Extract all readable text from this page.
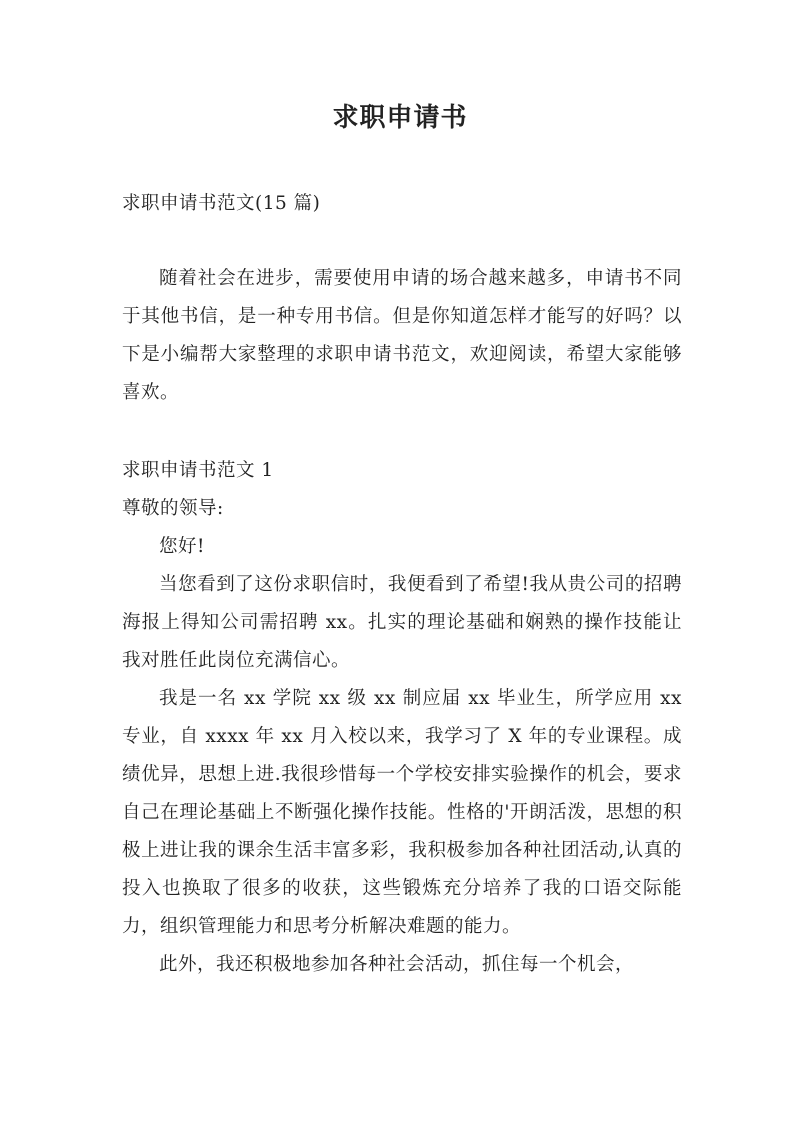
求职申请书

求职申请书范文(15 篇)

随着社会在进步，需要使用申请的场合越来越多，申请书不同于其他书信，是一种专用书信。但是你知道怎样才能写的好吗？以下是小编帮大家整理的求职申请书范文，欢迎阅读，希望大家能够喜欢。

求职申请书范文 1

尊敬的领导:

您好!

当您看到了这份求职信时，我便看到了希望!我从贵公司的招聘海报上得知公司需招聘 xx。扎实的理论基础和娴熟的操作技能让我对胜任此岗位充满信心。

我是一名 xx 学院 xx 级 xx 制应届 xx 毕业生，所学应用 xx 专业，自 xxxx 年 xx 月入校以来，我学习了 X 年的专业课程。成绩优异，思想上进.我很珍惜每一个学校安排实验操作的机会，要求自己在理论基础上不断强化操作技能。性格的'开朗活泼，思想的积极上进让我的课余生活丰富多彩，我积极参加各种社团活动,认真的投入也换取了很多的收获，这些锻炼充分培养了我的口语交际能力，组织管理能力和思考分析解决难题的能力。

此外，我还积极地参加各种社会活动，抓住每一个机会，
